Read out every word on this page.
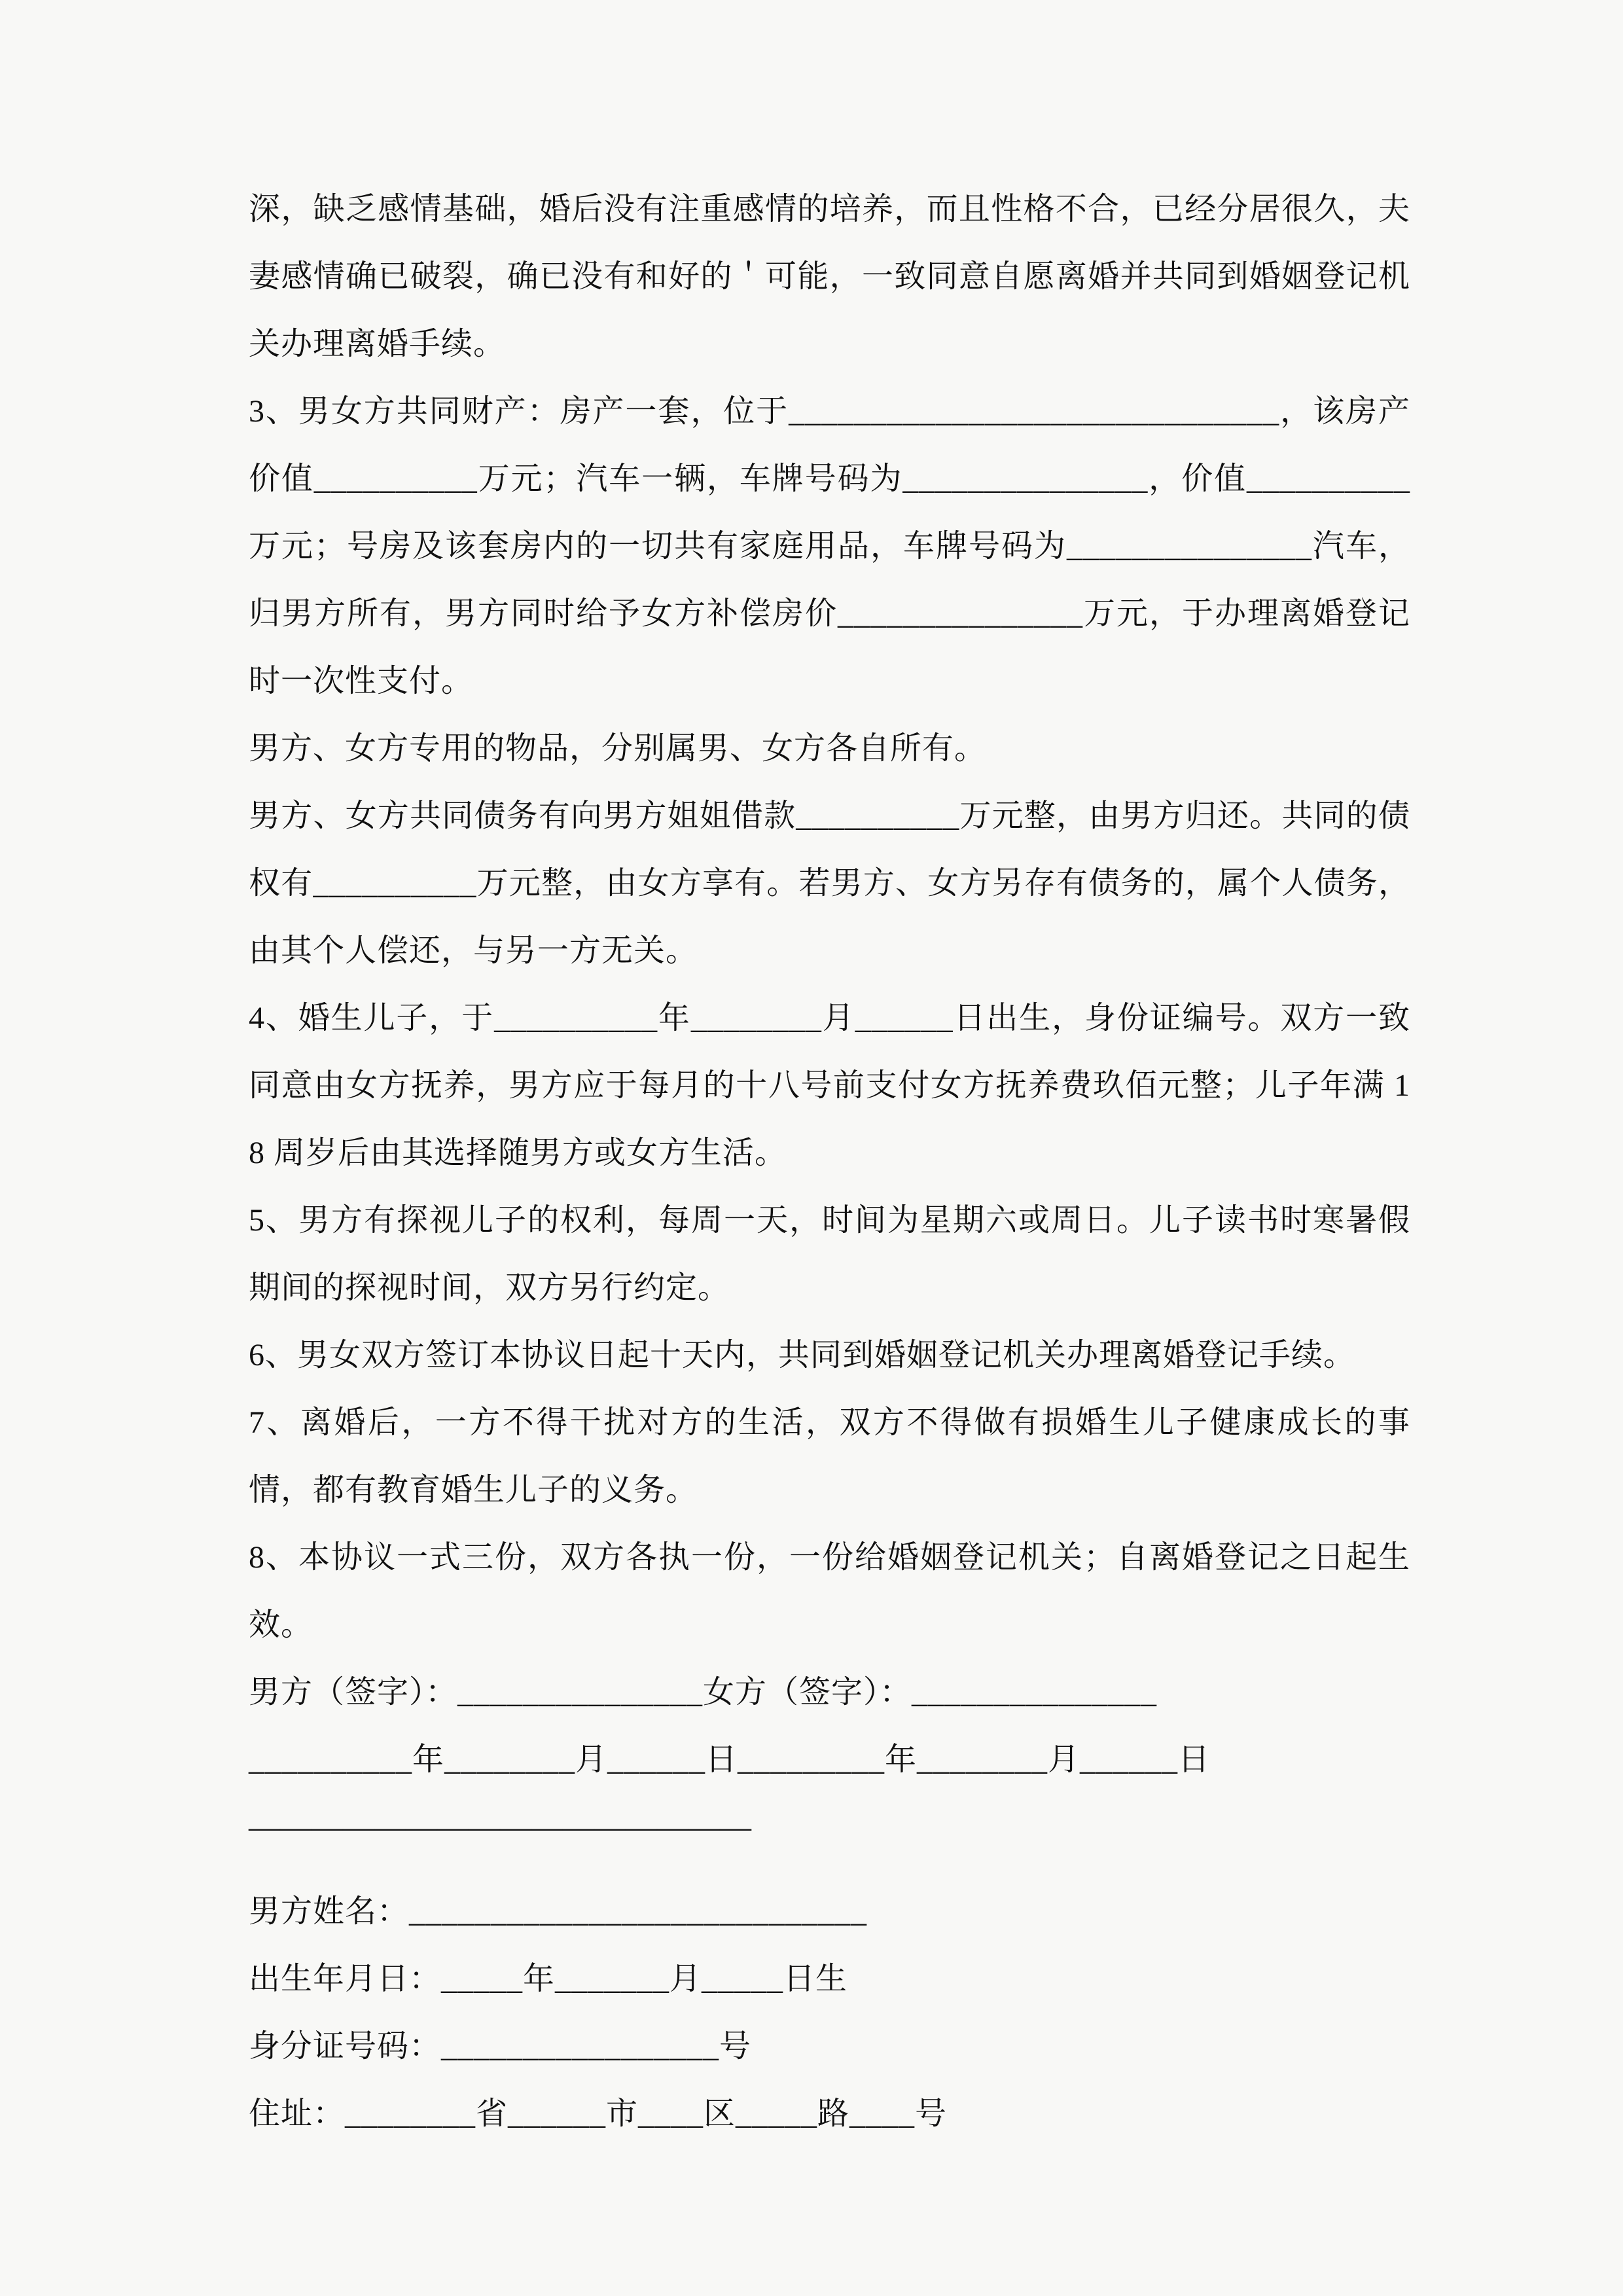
深，缺乏感情基础，婚后没有注重感情的培养，而且性格不合，已经分居很久，夫妻感情确已破裂，确已没有和好的＇可能，一致同意自愿离婚并共同到婚姻登记机关办理离婚手续。

3、男女方共同财产：房产一套，位于______________________________，该房产价值__________万元；汽车一辆，车牌号码为_______________，价值__________万元；号房及该套房内的一切共有家庭用品，车牌号码为_______________汽车，归男方所有，男方同时给予女方补偿房价_______________万元，于办理离婚登记时一次性支付。

男方、女方专用的物品，分别属男、女方各自所有。

男方、女方共同债务有向男方姐姐借款__________万元整，由男方归还。共同的债权有__________万元整，由女方享有。若男方、女方另存有债务的，属个人债务，由其个人偿还，与另一方无关。

4、婚生儿子，于__________年________月______日出生，身份证编号。双方一致同意由女方抚养，男方应于每月的十八号前支付女方抚养费玖佰元整；儿子年满 18 周岁后由其选择随男方或女方生活。

5、男方有探视儿子的权利，每周一天，时间为星期六或周日。儿子读书时寒暑假期间的探视时间，双方另行约定。

6、男女双方签订本协议日起十天内，共同到婚姻登记机关办理离婚登记手续。

7、离婚后，一方不得干扰对方的生活，双方不得做有损婚生儿子健康成长的事情，都有教育婚生儿子的义务。

8、本协议一式三份，双方各执一份，一份给婚姻登记机关；自离婚登记之日起生效。

男方（签字）：_______________女方（签字）：_______________

__________年________月______日_________年________月______日

————————————————

男方姓名：____________________________

出生年月日：_____年_______月_____日生

身分证号码：_________________号

住址：________省______市____区_____路____号
